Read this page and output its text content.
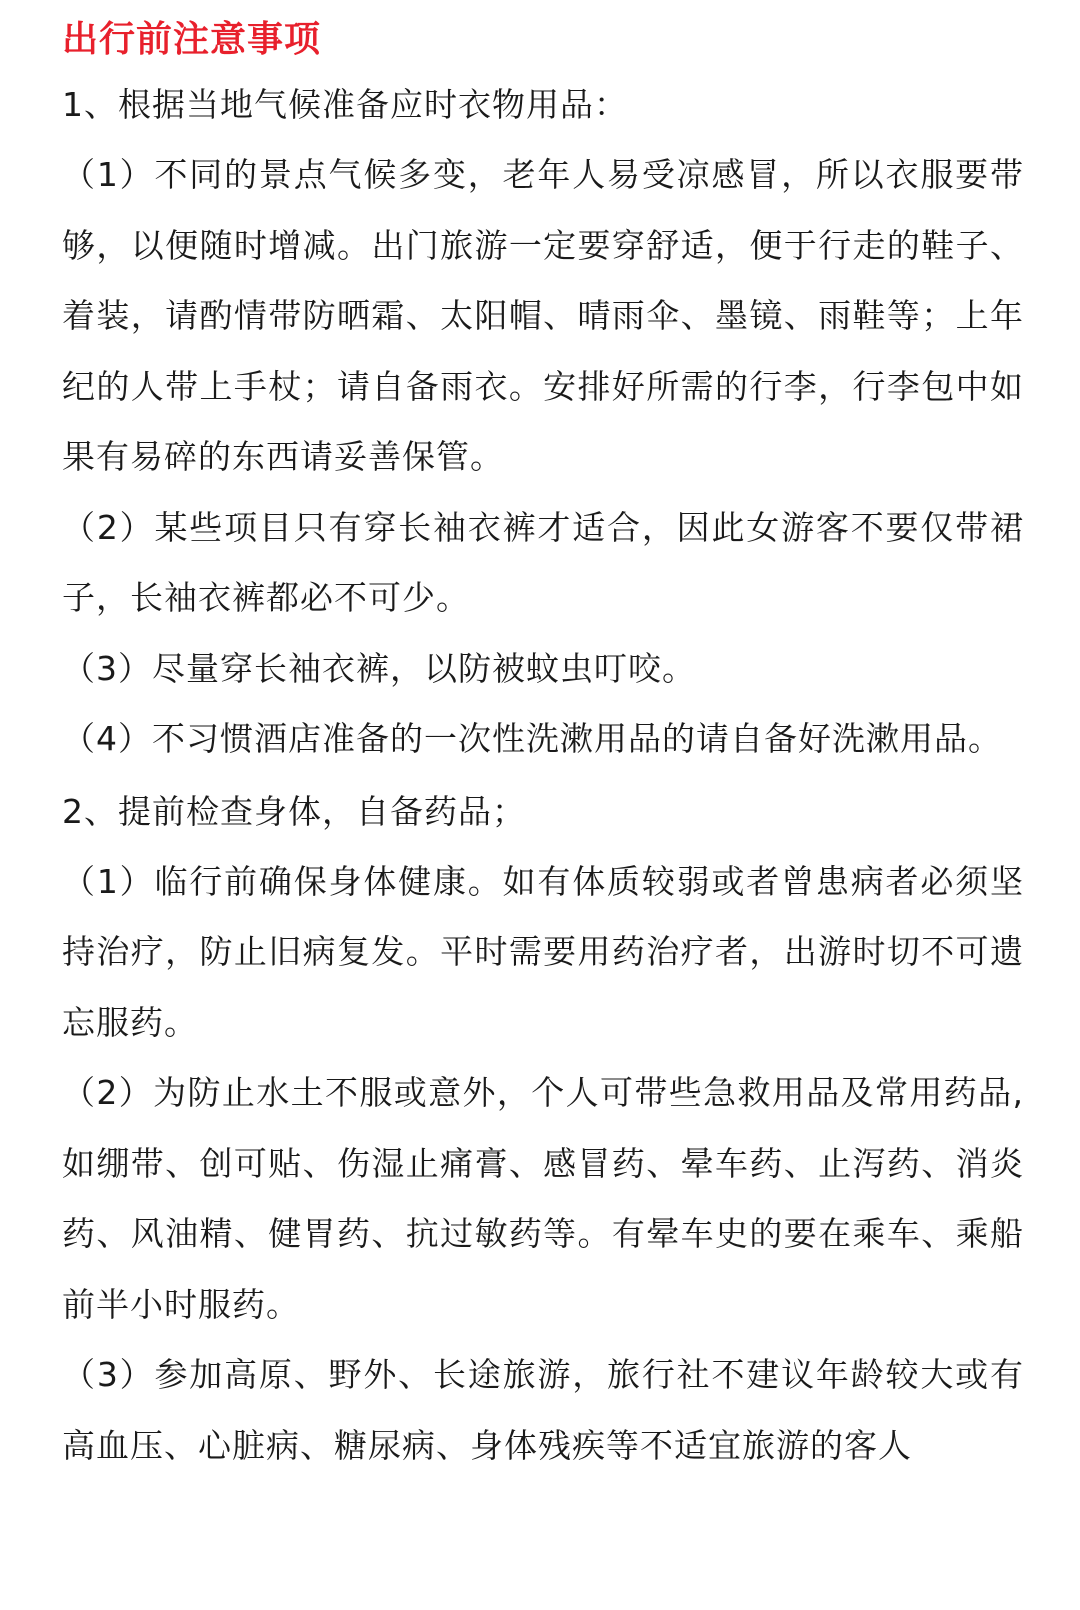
出行前注意事项

1、根据当地气候准备应时衣物用品：

（1）不同的景点气候多变，老年人易受凉感冒，所以衣服要带够，以便随时增减。出门旅游一定要穿舒适，便于行走的鞋子、着装，请酌情带防晒霜、太阳帽、晴雨伞、墨镜、雨鞋等；上年纪的人带上手杖；请自备雨衣。安排好所需的行李，行李包中如果有易碎的东西请妥善保管。

（2）某些项目只有穿长袖衣裤才适合，因此女游客不要仅带裙子，长袖衣裤都必不可少。

（3）尽量穿长袖衣裤，以防被蚊虫叮咬。

（4）不习惯酒店准备的一次性洗漱用品的请自备好洗漱用品。

2、提前检查身体，自备药品；

（1）临行前确保身体健康。如有体质较弱或者曾患病者必须坚持治疗，防止旧病复发。平时需要用药治疗者，出游时切不可遗忘服药。

（2）为防止水土不服或意外，个人可带些急救用品及常用药品,如绷带、创可贴、伤湿止痛膏、感冒药、晕车药、止泻药、消炎药、风油精、健胃药、抗过敏药等。有晕车史的要在乘车、乘船前半小时服药。

（3）参加高原、野外、长途旅游，旅行社不建议年龄较大或有高血压、心脏病、糖尿病、身体残疾等不适宜旅游的客人
